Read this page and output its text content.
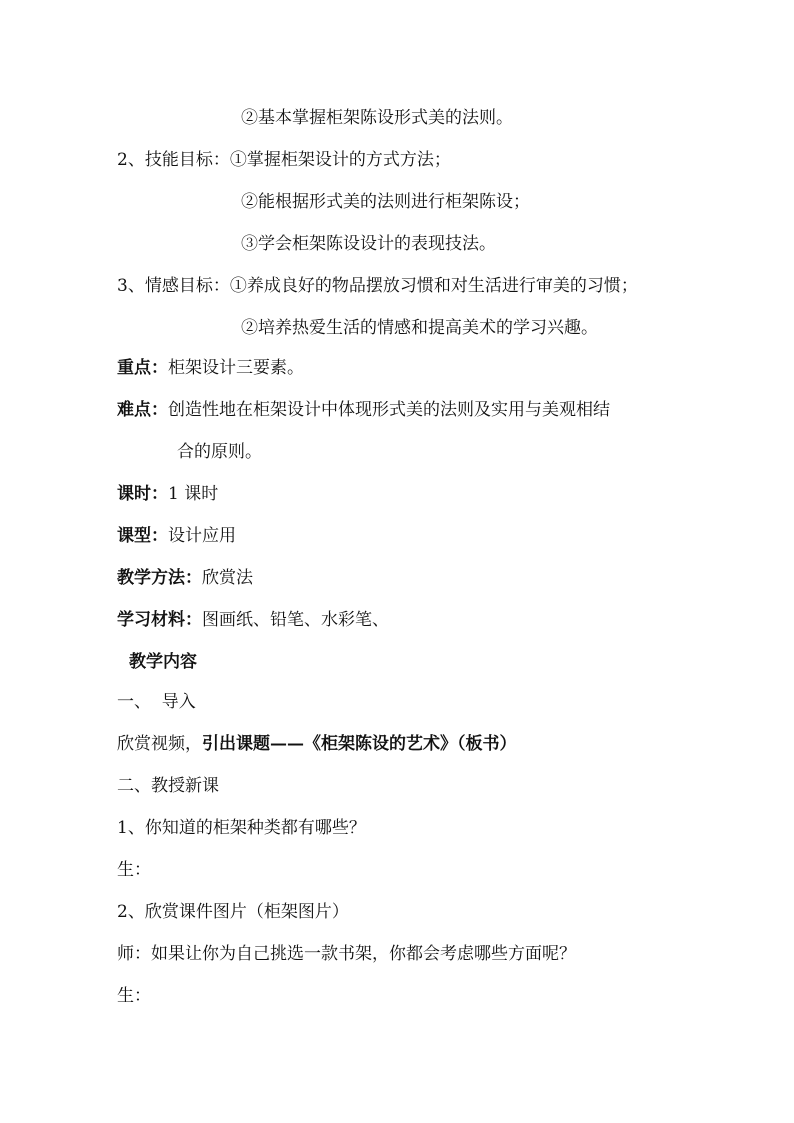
②基本掌握柜架陈设形式美的法则。
2、技能目标：①掌握柜架设计的方式方法；
②能根据形式美的法则进行柜架陈设；
③学会柜架陈设设计的表现技法。
3、情感目标：①养成良好的物品摆放习惯和对生活进行审美的习惯；
②培养热爱生活的情感和提高美术的学习兴趣。
重点：柜架设计三要素。
难点：创造性地在柜架设计中体现形式美的法则及实用与美观相结
合的原则。
课时：1 课时
课型：设计应用
教学方法：欣赏法
学习材料：图画纸、铅笔、水彩笔、
教学内容
一、  导入
欣赏视频，引出课题——《柜架陈设的艺术》（板书）
二、教授新课
1、你知道的柜架种类都有哪些？
生：
2、欣赏课件图片（柜架图片）
师：如果让你为自己挑选一款书架，你都会考虑哪些方面呢？
生：
